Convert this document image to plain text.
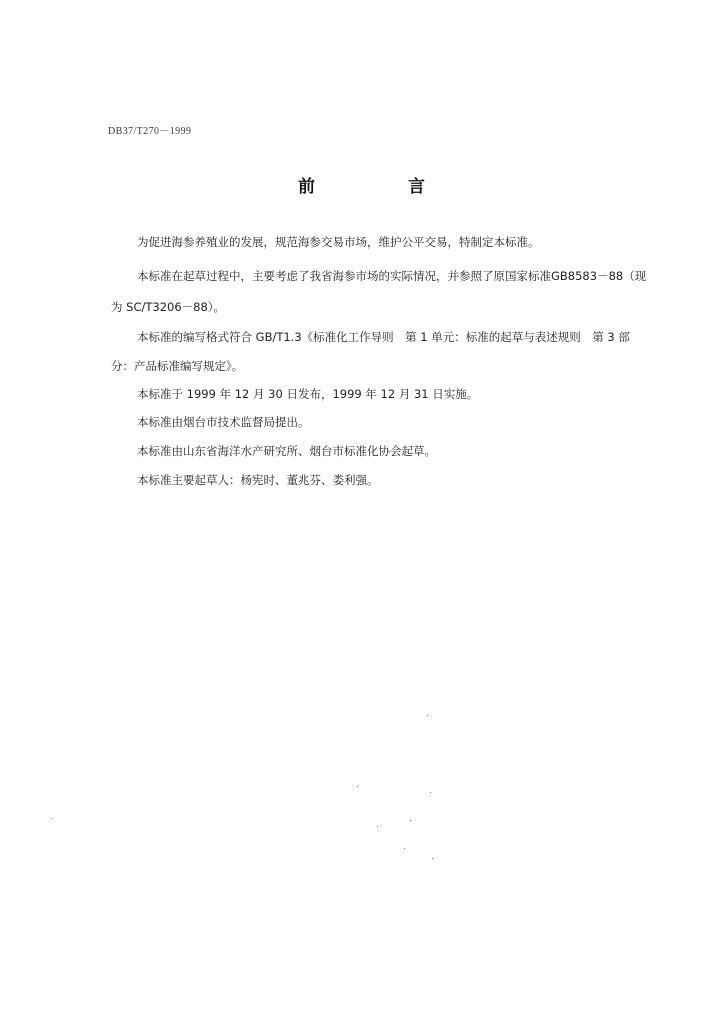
DB37/T270－1999
前　言
为促进海参养殖业的发展，规范海参交易市场，维护公平交易，特制定本标准。
本标准在起草过程中，主要考虑了我省海参市场的实际情况，并参照了原国家标准GB8583－88（现
为 SC/T3206－88）。
本标准的编写格式符合 GB/T1.3《标准化工作导则　第 1 单元：标准的起草与表述规则　第 3 部
分：产品标准编写规定》。
本标准于 1999 年 12 月 30 日发布，1999 年 12 月 31 日实施。
本标准由烟台市技术监督局提出。
本标准由山东省海洋水产研究所、烟台市标准化协会起草。
本标准主要起草人：杨宪时、董兆芬、娄利强。
